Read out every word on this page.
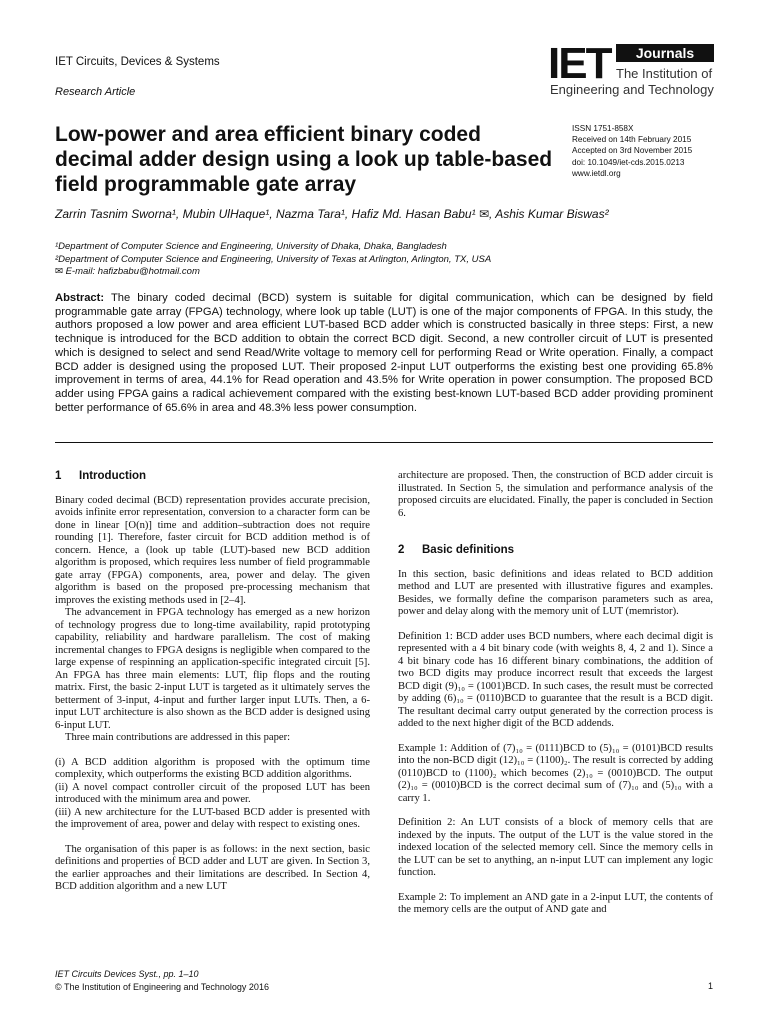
IET Circuits, Devices & Systems
Research Article
IET	Journals
The Institution of
Engineering and Technology
Low-power and area efficient binary coded decimal adder design using a look up table-based field programmable gate array
ISSN 1751-858X
Received on 14th February 2015
Accepted on 3rd November 2015
doi: 10.1049/iet-cds.2015.0213
www.ietdl.org
Zarrin Tasnim Sworna¹, Mubin UlHaque¹, Nazma Tara¹, Hafiz Md. Hasan Babu¹ ✉, Ashis Kumar Biswas²
¹Department of Computer Science and Engineering, University of Dhaka, Dhaka, Bangladesh
²Department of Computer Science and Engineering, University of Texas at Arlington, Arlington, TX, USA
✉ E-mail: hafizbabu@hotmail.com
Abstract: The binary coded decimal (BCD) system is suitable for digital communication, which can be designed by field programmable gate array (FPGA) technology, where look up table (LUT) is one of the major components of FPGA. In this study, the authors proposed a low power and area efficient LUT-based BCD adder which is constructed basically in three steps: First, a new technique is introduced for the BCD addition to obtain the correct BCD digit. Second, a new controller circuit of LUT is presented which is designed to select and send Read/Write voltage to memory cell for performing Read or Write operation. Finally, a compact BCD adder is designed using the proposed LUT. Their proposed 2-input LUT outperforms the existing best one providing 65.8% improvement in terms of area, 44.1% for Read operation and 43.5% for Write operation in power consumption. The proposed BCD adder using FPGA gains a radical achievement compared with the existing best-known LUT-based BCD adder providing prominent better performance of 65.6% in area and 48.3% less power consumption.
1 Introduction

Binary coded decimal (BCD) representation provides accurate precision, avoids infinite error representation, conversion to a character form can be done in linear [O(n)] time and addition–subtraction does not require rounding [1]. Therefore, faster circuit for BCD addition method is of concern. Hence, a (look up table (LUT)-based new BCD addition algorithm is proposed, which requires less number of field programmable gate array (FPGA) components, area, power and delay. The given algorithm is based on the proposed pre-processing mechanism that improves the existing methods used in [2–4].

The advancement in FPGA technology has emerged as a new horizon of technology progress due to long-time availability, rapid prototyping capability, reliability and hardware parallelism. The cost of making incremental changes to FPGA designs is negligible when compared to the large expense of respinning an application-specific integrated circuit [5]. An FPGA has three main elements: LUT, flip flops and the routing matrix. First, the basic 2-input LUT is targeted as it ultimately serves the betterment of 3-input, 4-input and further larger input LUTs. Then, a 6-input LUT architecture is also shown as the BCD adder is designed using 6-input LUT.

Three main contributions are addressed in this paper:

(i) A BCD addition algorithm is proposed with the optimum time complexity, which outperforms the existing BCD addition algorithms.

(ii) A novel compact controller circuit of the proposed LUT has been introduced with the minimum area and power.

(iii) A new architecture for the LUT-based BCD adder is presented with the improvement of area, power and delay with respect to existing ones.

The organisation of this paper is as follows: in the next section, basic definitions and properties of BCD adder and LUT are given. In Section 3, the earlier approaches and their limitations are described. In Section 4, BCD addition algorithm and a new LUT

architecture are proposed. Then, the construction of BCD adder circuit is illustrated. In Section 5, the simulation and performance analysis of the proposed circuits are elucidated. Finally, the paper is concluded in Section 6.

2 Basic definitions

In this section, basic definitions and ideas related to BCD addition method and LUT are presented with illustrative figures and examples. Besides, we formally define the comparison parameters such as area, power and delay along with the memory unit of LUT (memristor).

Definition 1: BCD adder uses BCD numbers, where each decimal digit is represented with a 4 bit binary code (with weights 8, 4, 2 and 1). Since a 4 bit binary code has 16 different binary combinations, the addition of two BCD digits may produce incorrect result that exceeds the largest BCD digit (9)₁₀ = (1001)BCD. In such cases, the result must be corrected by adding (6)₁₀ = (0110)BCD to guarantee that the result is a BCD digit. The resultant decimal carry output generated by the correction process is added to the next higher digit of the BCD addends.

Example 1: Addition of (7)₁₀ = (0111)BCD to (5)₁₀ = (0101)BCD results into the non-BCD digit (12)₁₀ = (1100)₂. The result is corrected by adding (0110)BCD to (1100)₂ which becomes (2)₁₀ = (0010)BCD. The output (2)₁₀ = (0010)BCD is the correct decimal sum of (7)₁₀ and (5)₁₀ with a carry 1.

Definition 2: An LUT consists of a block of memory cells that are indexed by the inputs. The output of the LUT is the value stored in the indexed location of the selected memory cell. Since the memory cells in the LUT can be set to anything, an n-input LUT can implement any logic function.

Example 2: To implement an AND gate in a 2-input LUT, the contents of the memory cells are the output of AND gate and

IET Circuits Devices Syst., pp. 1–10
© The Institution of Engineering and Technology 2016	1
